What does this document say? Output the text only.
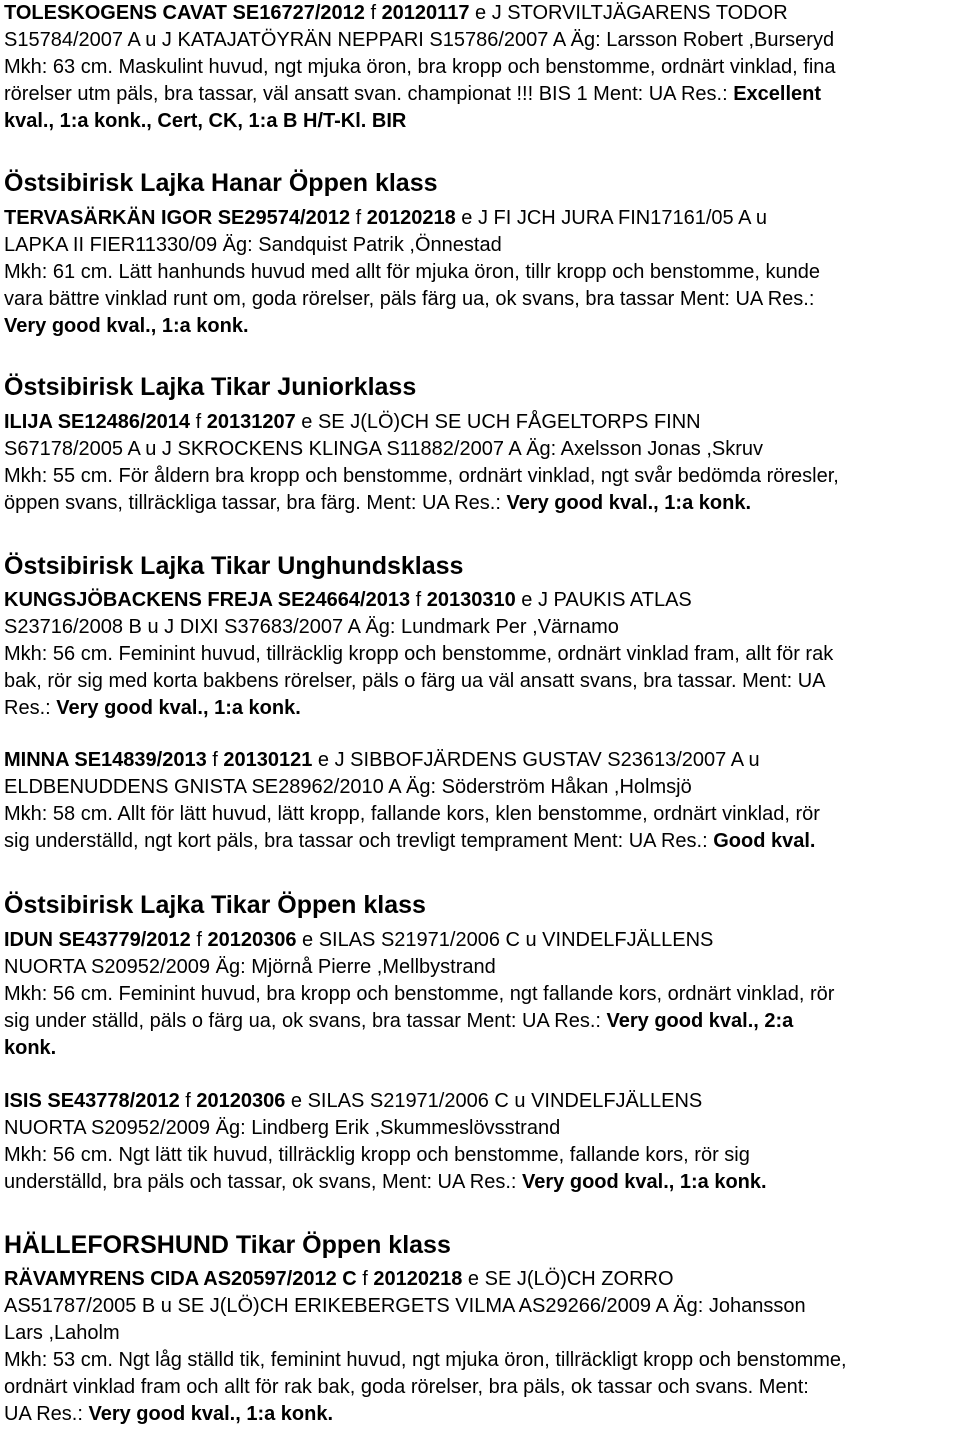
TOLESKOGENS CAVAT SE16727/2012 f 20120117 e J STORVILTJÄGARENS TODOR
S15784/2007 A u J KATAJATÖYRÄN NEPPARI S15786/2007 A Äg: Larsson Robert ,Burseryd
Mkh: 63 cm. Maskulint huvud, ngt mjuka öron, bra kropp och benstomme, ordnärt vinklad, fina
rörelser utm päls, bra tassar, väl ansatt svan. championat !!! BIS 1 Ment: UA Res.: Excellent
kval., 1:a konk., Cert, CK, 1:a B H/T-Kl. BIR
Östsibirisk Lajka Hanar Öppen klass
TERVASÄRKÄN IGOR SE29574/2012 f 20120218 e J FI JCH JURA FIN17161/05 A u
LAPKA II FIER11330/09 Äg: Sandquist Patrik ,Önnestad
Mkh: 61 cm. Lätt hanhunds huvud med allt för mjuka öron, tillr kropp och benstomme, kunde
vara bättre vinklad runt om, goda rörelser, päls färg ua, ok svans, bra tassar Ment: UA Res.:
Very good kval., 1:a konk.
Östsibirisk Lajka Tikar Juniorklass
ILIJA SE12486/2014 f 20131207 e SE J(LÖ)CH SE UCH FÅGELTORPS FINN
S67178/2005 A u J SKROCKENS KLINGA S11882/2007 A Äg: Axelsson Jonas ,Skruv
Mkh: 55 cm. För åldern bra kropp och benstomme, ordnärt vinklad, ngt svår bedömda röresler,
öppen svans, tillräckliga tassar, bra färg. Ment: UA Res.: Very good kval., 1:a konk.
Östsibirisk Lajka Tikar Unghundsklass
KUNGSJÖBACKENS FREJA SE24664/2013 f 20130310 e J PAUKIS ATLAS
S23716/2008 B u J DIXI S37683/2007 A Äg: Lundmark Per ,Värnamo
Mkh: 56 cm. Feminint huvud, tillräcklig kropp och benstomme, ordnärt vinklad fram, allt för rak
bak, rör sig med korta bakbens rörelser, päls o färg ua väl ansatt svans, bra tassar. Ment: UA
Res.: Very good kval., 1:a konk.
MINNA SE14839/2013 f 20130121 e J SIBBOFJÄRDENS GUSTAV S23613/2007 A u
ELDBENUDDENS GNISTA SE28962/2010 A Äg: Söderström Håkan ,Holmsjö
Mkh: 58 cm. Allt för lätt huvud, lätt kropp, fallande kors, klen benstomme, ordnärt vinklad, rör
sig underställd, ngt kort päls, bra tassar och trevligt temprament Ment: UA Res.: Good kval.
Östsibirisk Lajka Tikar Öppen klass
IDUN SE43779/2012 f 20120306 e SILAS S21971/2006 C u VINDELFJÄLLENS
NUORTA S20952/2009 Äg: Mjörnå Pierre ,Mellbystrand
Mkh: 56 cm. Feminint huvud, bra kropp och benstomme, ngt fallande kors, ordnärt vinklad, rör
sig under ställd, päls o färg ua, ok svans, bra tassar Ment: UA Res.: Very good kval., 2:a
konk.
ISIS SE43778/2012 f 20120306 e SILAS S21971/2006 C u VINDELFJÄLLENS
NUORTA S20952/2009 Äg: Lindberg Erik ,Skummeslövsstrand
Mkh: 56 cm. Ngt lätt tik huvud, tillräcklig kropp och benstomme, fallande kors, rör sig
underställd, bra päls och tassar, ok svans, Ment: UA Res.: Very good kval., 1:a konk.
HÄLLEFORSHUND Tikar Öppen klass
RÄVAMYRENS CIDA AS20597/2012 C f 20120218 e SE J(LÖ)CH ZORRO
AS51787/2005 B u SE J(LÖ)CH ERIKEBERGETS VILMA AS29266/2009 A Äg: Johansson
Lars ,Laholm
Mkh: 53 cm. Ngt låg ställd tik, feminint huvud, ngt mjuka öron, tillräckligt kropp och benstomme,
ordnärt vinklad fram och allt för rak bak, goda rörelser, bra päls, ok tassar och svans. Ment:
UA Res.: Very good kval., 1:a konk.
